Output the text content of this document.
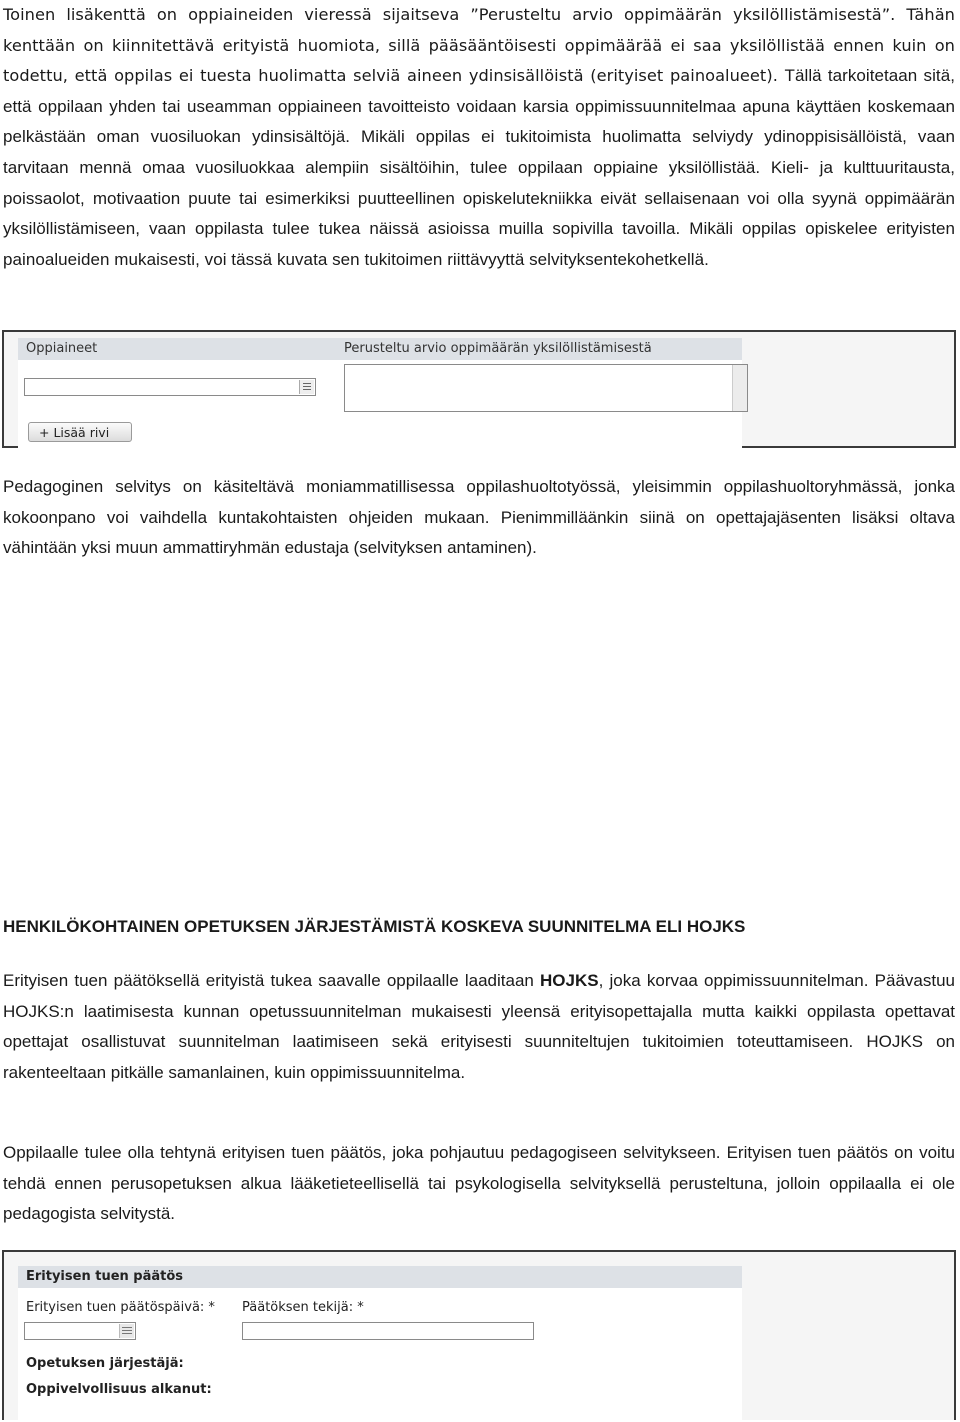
Toinen lisäkenttä on oppiaineiden vieressä sijaitseva ”Perusteltu arvio oppimäärän yksilöllistämisestä”. Tähän kenttään on kiinnitettävä erityistä huomiota, sillä pääsääntöisesti oppimäärää ei saa yksilöllistää ennen kuin on todettu, että oppilas ei tuesta huolimatta selviä aineen ydinsisällöistä (erityiset painoalueet). Tällä tarkoitetaan sitä, että oppilaan yhden tai useamman oppiaineen tavoitteisto voidaan karsia oppimissuunnitelmaa apuna käyttäen koskemaan pelkästään oman vuosiluokan ydinsisältöjä. Mikäli oppilas ei tukitoimista huolimatta selviydy ydinoppisisällöistä, vaan tarvitaan mennä omaa vuosiluokkaa alempiin sisältöihin, tulee oppilaan oppiaine yksilöllistää. Kieli- ja kulttuuritausta, poissaolot, motivaation puute tai esimerkiksi puutteellinen opiskelutekniikka eivät sellaisenaan voi olla syynä oppimäärän yksilöllistämiseen, vaan oppilasta tulee tukea näissä asioissa muilla sopivilla tavoilla. Mikäli oppilas opiskelee erityisten painoalueiden mukaisesti, voi tässä kuvata sen tukitoimen riittävyyttä selvityksentekohetkellä.

Oppiaineet	Perusteltu arvio oppimäärän yksilöllistämisestä
+ Lisää rivi

Pedagoginen selvitys on käsiteltävä moniammatillisessa oppilashuoltotyössä, yleisimmin oppilashuoltoryhmässä, jonka kokoonpano voi vaihdella kuntakohtaisten ohjeiden mukaan. Pienimmilläänkin siinä on opettajajäsenten lisäksi oltava vähintään yksi muun ammattiryhmän edustaja (selvityksen antaminen).

HENKILÖKOHTAINEN OPETUKSEN JÄRJESTÄMISTÄ KOSKEVA SUUNNITELMA ELI HOJKS

Erityisen tuen päätöksellä erityistä tukea saavalle oppilaalle laaditaan HOJKS, joka korvaa oppimissuunnitelman. Päävastuu HOJKS:n laatimisesta kunnan opetussuunnitelman mukaisesti yleensä erityisopettajalla mutta kaikki oppilasta opettavat opettajat osallistuvat suunnitelman laatimiseen sekä erityisesti suunniteltujen tukitoimien toteuttamiseen. HOJKS on rakenteeltaan pitkälle samanlainen, kuin oppimissuunnitelma.

Oppilaalle tulee olla tehtynä erityisen tuen päätös, joka pohjautuu pedagogiseen selvitykseen. Erityisen tuen päätös on voitu tehdä ennen perusopetuksen alkua lääketieteellisellä tai psykologisella selvityksellä perusteltuna, jolloin oppilaalla ei ole pedagogista selvitystä.

Erityisen tuen päätös
Erityisen tuen päätöspäivä: * Päätöksen tekijä: *
Opetuksen järjestäjä:
Oppivelvollisuus alkanut:
